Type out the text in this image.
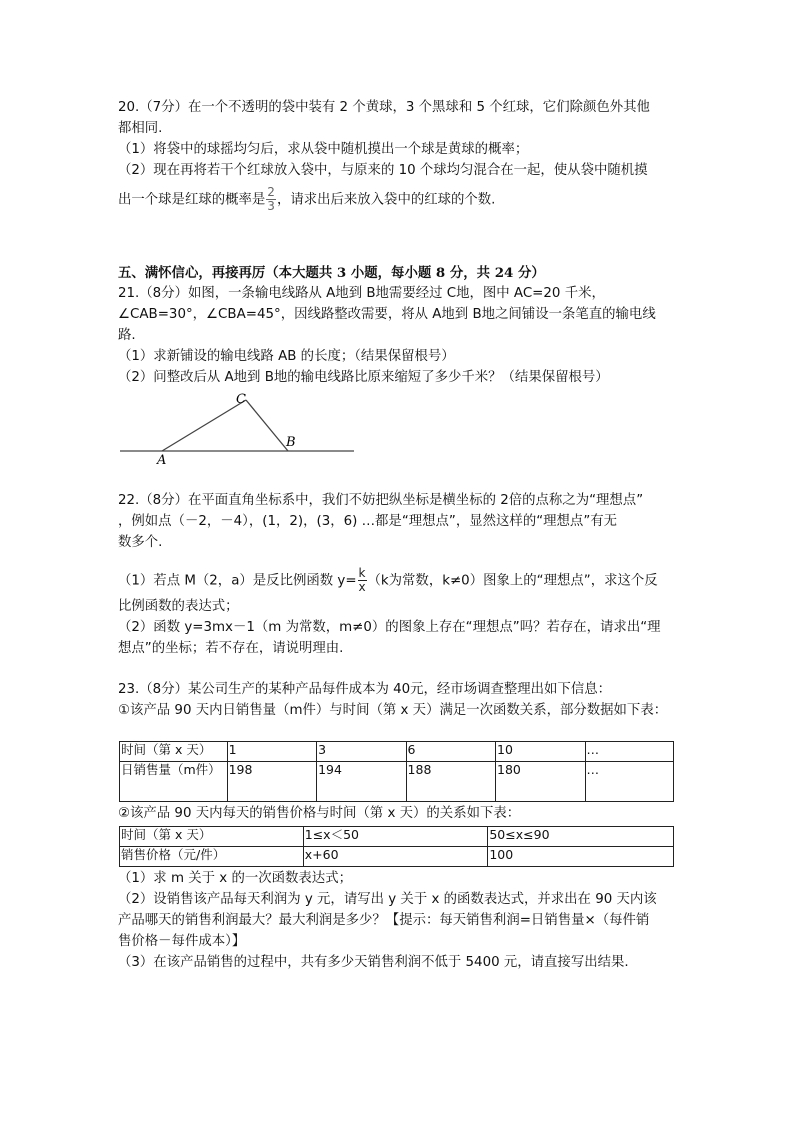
20.（7分）在一个不透明的袋中装有 2 个黄球，3 个黑球和 5 个红球，它们除颜色外其他
都相同.
（1）将袋中的球摇均匀后，求从袋中随机摸出一个球是黄球的概率；
（2）现在再将若干个红球放入袋中，与原来的 10 个球均匀混合在一起，使从袋中随机摸
出一个球是红球的概率是 $\frac{2}{3}$ ，请求出后来放入袋中的红球的个数.
五、满怀信心，再接再厉（本大题共 3 小题，每小题 8 分，共 24 分）
21.（8分）如图，一条输电线路从 A地到 B地需要经过 C地，图中 AC=20 千米，
∠CAB=30°，∠CBA=45°，因线路整改需要，将从 A地到 B地之间铺设一条笔直的输电线
路.
（1）求新铺设的输电线路 AB 的长度；（结果保留根号）
（2）问整改后从 A地到 B地的输电线路比原来缩短了多少千米？（结果保留根号）
A
B
C
22.（8分）在平面直角坐标系中，我们不妨把纵坐标是横坐标的 2倍的点称之为“理想点”
，例如点（－2，－4），(1，2)，(3，6) …都是“理想点”，显然这样的“理想点”有无
数多个.
（1）若点 M（2，a）是反比例函数 $y= \frac{k}{x} (k$为常数，k≠0）图象上的“理想点”，求这个反
比例函数的表达式；
（2）函数 y=3mx－1（m 为常数，m≠0）的图象上存在“理想点”吗？若存在，请求出“理
想点”的坐标；若不存在，请说明理由.
23.（8分）某公司生产的某种产品每件成本为 40元，经市场调查整理出如下信息：
①该产品 90 天内日销售量（m件）与时间（第 x 天）满足一次函数关系，部分数据如下表：
时间（第 x 天）	1	3	6	10	…
日销售量（m件）	198	194	188	180	…
②该产品 90 天内每天的销售价格与时间（第 x 天）的关系如下表：
时间（第 x 天）	1≤x＜50	50≤x≤90
销售价格（元/件）	x+60	100
（1）求 m 关于 x 的一次函数表达式；
（2）设销售该产品每天利润为 y 元，请写出 y 关于 x 的函数表达式，并求出在 90 天内该
产品哪天的销售利润最大？最大利润是多少？【提示：每天销售利润=日销售量×（每件销
售价格－每件成本）】
（3）在该产品销售的过程中，共有多少天销售利润不低于 5400 元，请直接写出结果.
